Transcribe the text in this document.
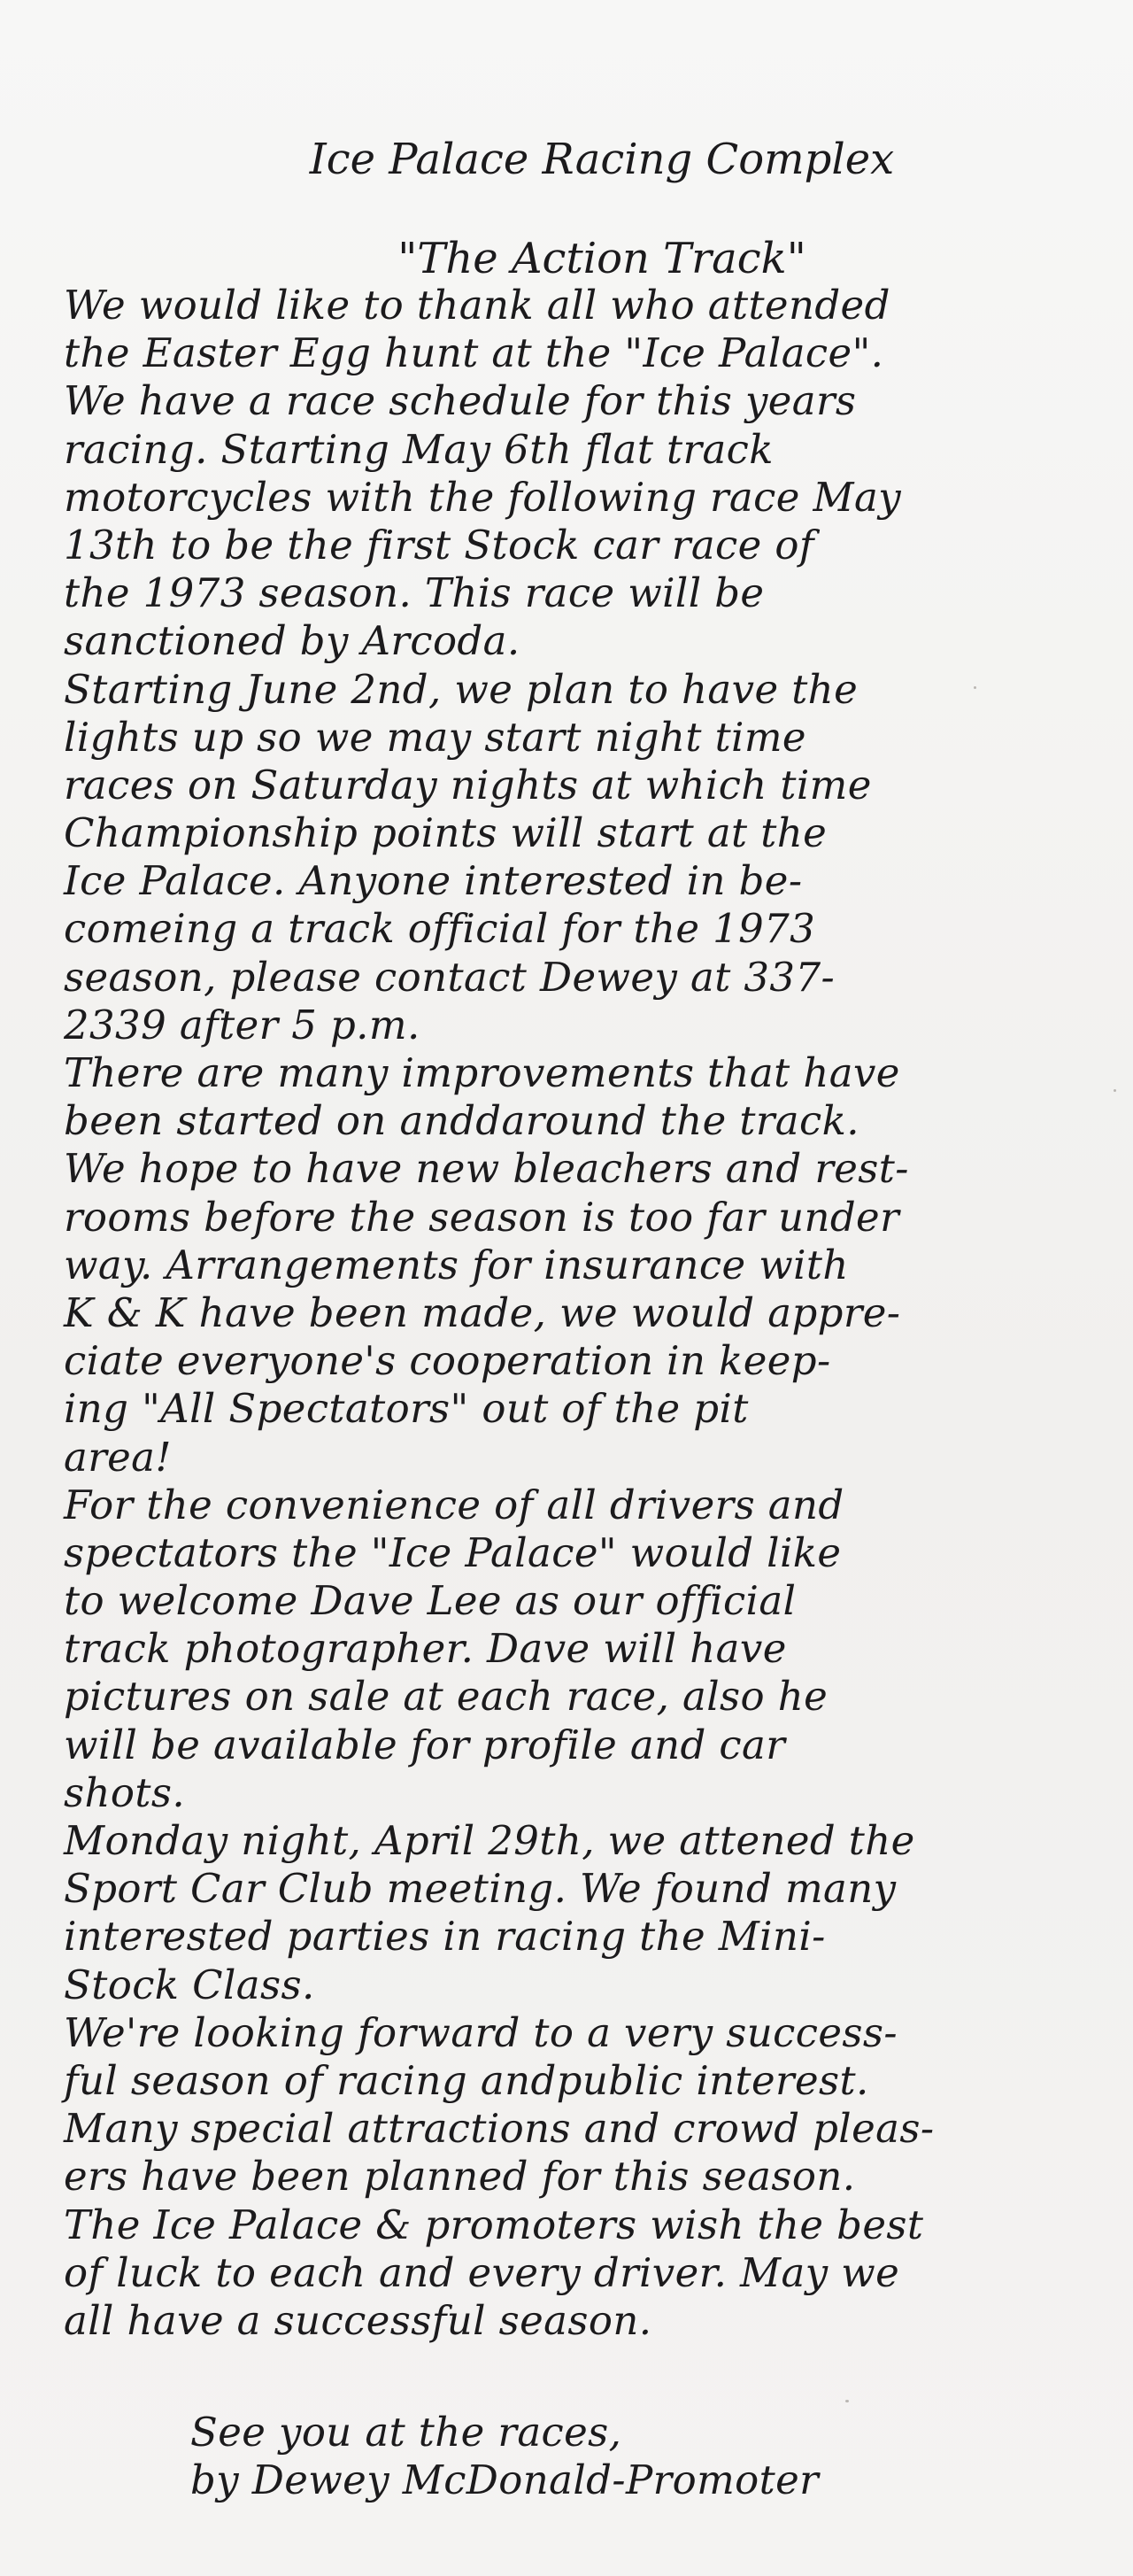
Ice Palace Racing Complex
"The Action Track"
We would like to thank all who attended
the Easter Egg hunt at the "Ice Palace".
We have a race schedule for this years
racing. Starting May 6th flat track
motorcycles with the following race May
13th to be the first Stock car race of
the 1973 season. This race will be
sanctioned by Arcoda.
Starting June 2nd, we plan to have the
lights up so we may start night time
races on Saturday nights at which time
Championship points will start at the
Ice Palace. Anyone interested in be-
comeing a track official for the 1973
season, please contact Dewey at 337-
2339 after 5 p.m.
There are many improvements that have
been started on anddaround the track.
We hope to have new bleachers and rest-
rooms before the season is too far under
way. Arrangements for insurance with
K & K have been made, we would appre-
ciate everyone's cooperation in keep-
ing "All Spectators" out of the pit
area!
For the convenience of all drivers and
spectators the "Ice Palace" would like
to welcome Dave Lee as our official
track photographer. Dave will have
pictures on sale at each race, also he
will be available for profile and car
shots.
Monday night, April 29th, we attened the
Sport Car Club meeting. We found many
interested parties in racing the Mini-
Stock Class.
We're looking forward to a very success-
ful season of racing andpublic interest.
Many special attractions and crowd pleas-
ers have been planned for this season.
The Ice Palace & promoters wish the best
of luck to each and every driver. May we
all have a successful season.
See you at the races,
by Dewey McDonald-Promoter
